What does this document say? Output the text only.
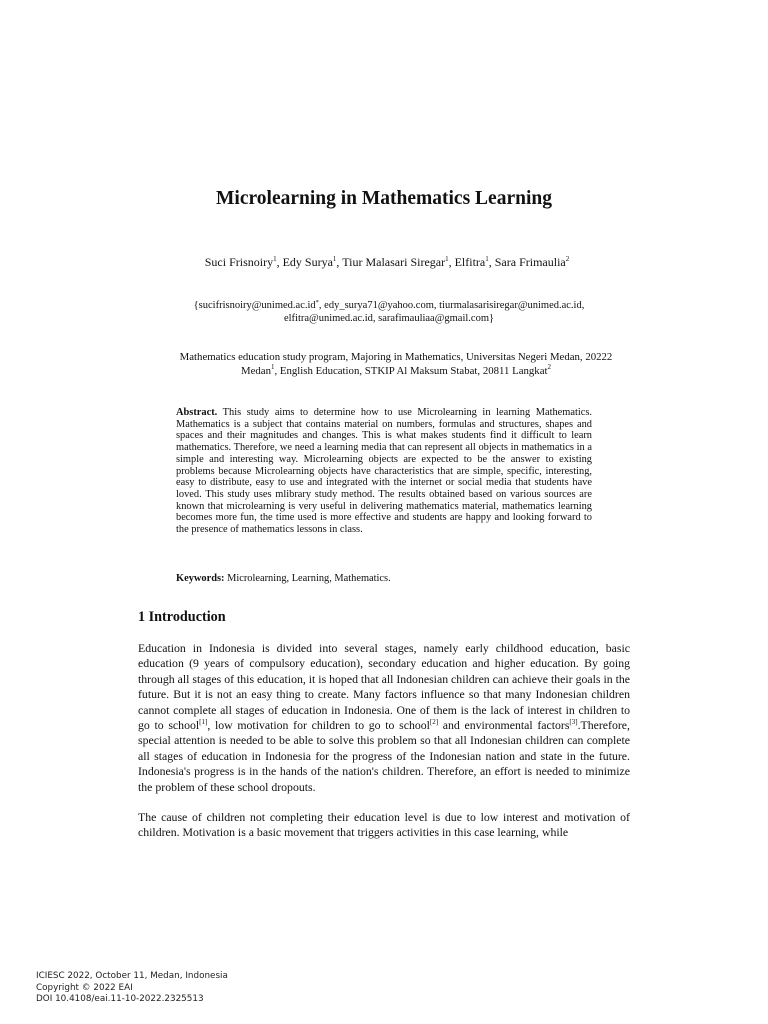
Microlearning in Mathematics Learning
Suci Frisnoiry$^1$, Edy Surya$^1$, Tiur Malasari Siregar$^1$, Elfitra$^1$, Sara Frimaulia$^2$
{sucifrisnoiry@unimed.ac.id*, edy_surya71@yahoo.com, tiurmalasarisiregar@unimed.ac.id,
elfitra@unimed.ac.id, sarafimauliaa@gmail.com}
Mathematics education study program, Majoring in Mathematics, Universitas Negeri Medan, 20222
Medan$^1$, English Education, STKIP Al Maksum Stabat, 20811 Langkat$^2$
Abstract. This study aims to determine how to use Microlearning in learning Mathematics. Mathematics is a subject that contains material on numbers, formulas and structures, shapes and spaces and their magnitudes and changes. This is what makes students find it difficult to learn mathematics. Therefore, we need a learning media that can represent all objects in mathematics in a simple and interesting way. Microlearning objects are expected to be the answer to existing problems because Microlearning objects have characteristics that are simple, specific, interesting, easy to distribute, easy to use and integrated with the internet or social media that students have loved. This study uses mlibrary study method. The results obtained based on various sources are known that microlearning is very useful in delivering mathematics material, mathematics learning becomes more fun, the time used is more effective and students are happy and looking forward to the presence of mathematics lessons in class.
Keywords: Microlearning, Learning, Mathematics.
1 Introduction

Education in Indonesia is divided into several stages, namely early childhood education, basic education (9 years of compulsory education), secondary education and higher education. By going through all stages of this education, it is hoped that all Indonesian children can achieve their goals in the future. But it is not an easy thing to create. Many factors influence so that many Indonesian children cannot complete all stages of education in Indonesia. One of them is the lack of interest in children to go to school[1], low motivation for children to go to school[2] and environmental factors[3].Therefore, special attention is needed to be able to solve this problem so that all Indonesian children can complete all stages of education in Indonesia for the progress of the Indonesian nation and state in the future. Indonesia's progress is in the hands of the nation's children. Therefore, an effort is needed to minimize the problem of these school dropouts.

The cause of children not completing their education level is due to low interest and motivation of children. Motivation is a basic movement that triggers activities in this case learning, while

ICIESC 2022, October 11, Medan, Indonesia
Copyright © 2022 EAI
DOI 10.4108/eai.11-10-2022.2325513
